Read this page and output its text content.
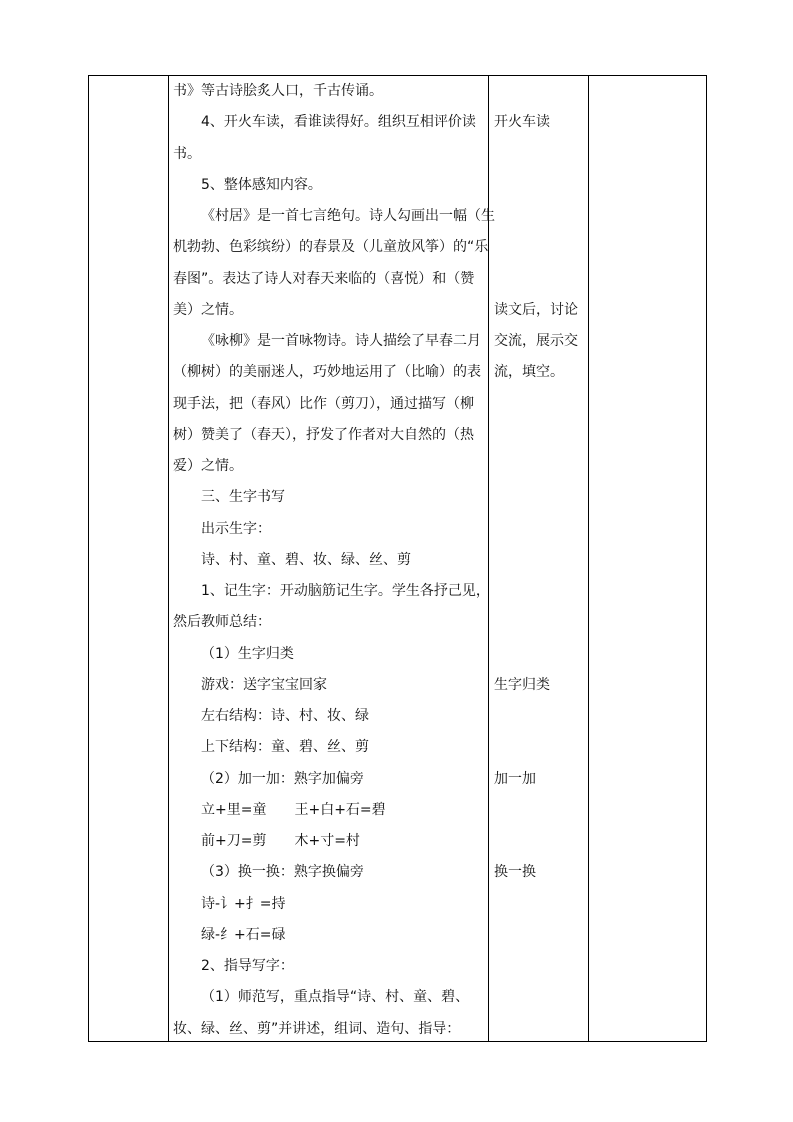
书》等古诗脍炙人口，千古传诵。
4、开火车读，看谁读得好。组织互相评价读
书。
5、整体感知内容。
《村居》是一首七言绝句。诗人勾画出一幅（生
机勃勃、色彩缤纷）的春景及（儿童放风筝）的“乐
春图”。表达了诗人对春天来临的（喜悦）和（赞
美）之情。
《咏柳》是一首咏物诗。诗人描绘了早春二月
（柳树）的美丽迷人，巧妙地运用了（比喻）的表
现手法，把（春风）比作（剪刀），通过描写（柳
树）赞美了（春天），抒发了作者对大自然的（热
爱）之情。
三、生字书写
出示生字：
诗、村、童、碧、妆、绿、丝、剪
1、记生字：开动脑筋记生字。学生各抒己见，
然后教师总结：
（1）生字归类
游戏：送字宝宝回家
左右结构：诗、村、妆、绿
上下结构：童、碧、丝、剪
（2）加一加：熟字加偏旁
立+里=童　　王+白+石=碧
前+刀=剪　　木+寸=村
（3）换一换：熟字换偏旁
诗-讠+扌=持
绿-纟+石=碌
2、指导写字：
（1）师范写，重点指导“诗、村、童、碧、
妆、绿、丝、剪”并讲述，组词、造句、指导：
开火车读
读文后，讨论
交流，展示交
流，填空。
生字归类
加一加
换一换
